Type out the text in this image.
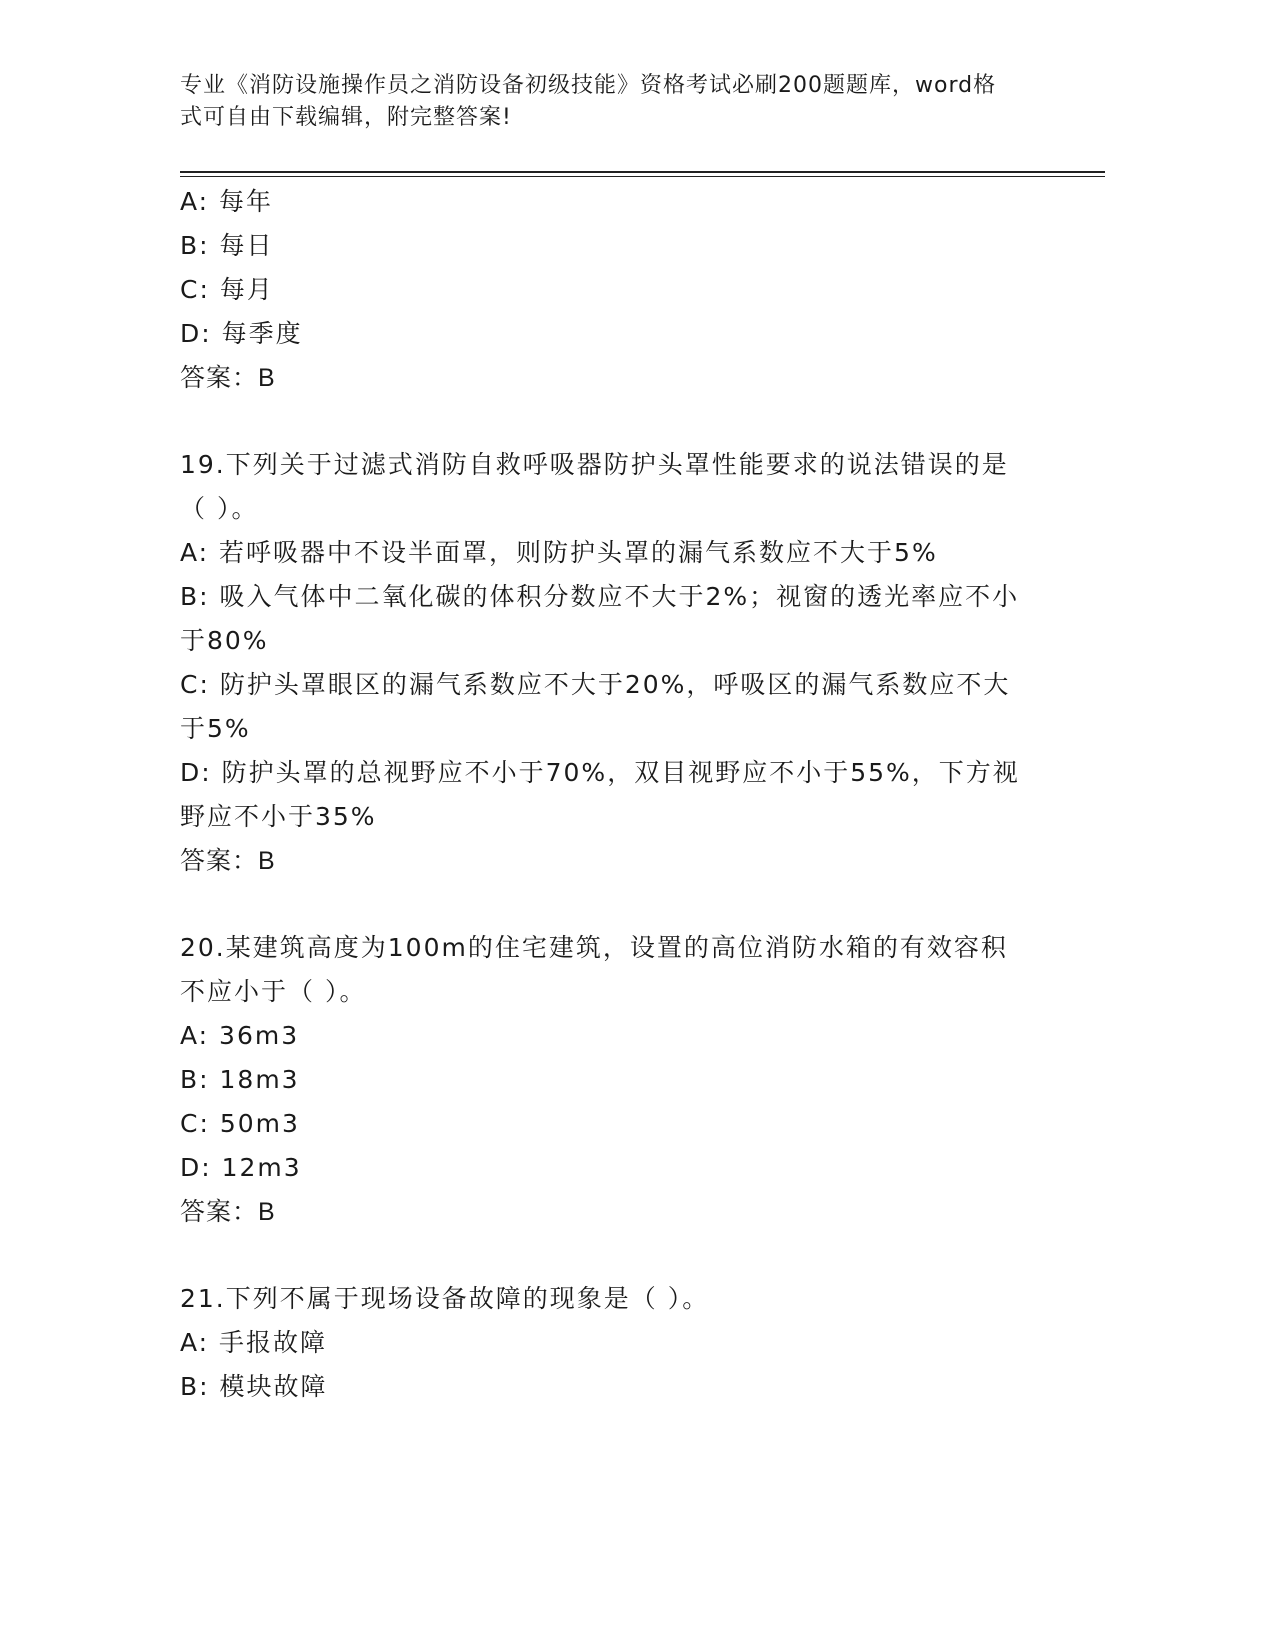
专业《消防设施操作员之消防设备初级技能》资格考试必刷200题题库，word格
式可自由下载编辑，附完整答案!
A: 每年
B: 每日
C: 每月
D: 每季度
答案：B
19.下列关于过滤式消防自救呼吸器防护头罩性能要求的说法错误的是
（ ）。
A: 若呼吸器中不设半面罩，则防护头罩的漏气系数应不大于5%
B: 吸入气体中二氧化碳的体积分数应不大于2%；视窗的透光率应不小
于80%
C: 防护头罩眼区的漏气系数应不大于20%，呼吸区的漏气系数应不大
于5%
D: 防护头罩的总视野应不小于70%，双目视野应不小于55%，下方视
野应不小于35%
答案：B
20.某建筑高度为100m的住宅建筑，设置的高位消防水箱的有效容积
不应小于（ ）。
A: 36m3
B: 18m3
C: 50m3
D: 12m3
答案：B
21.下列不属于现场设备故障的现象是（ ）。
A: 手报故障
B: 模块故障
